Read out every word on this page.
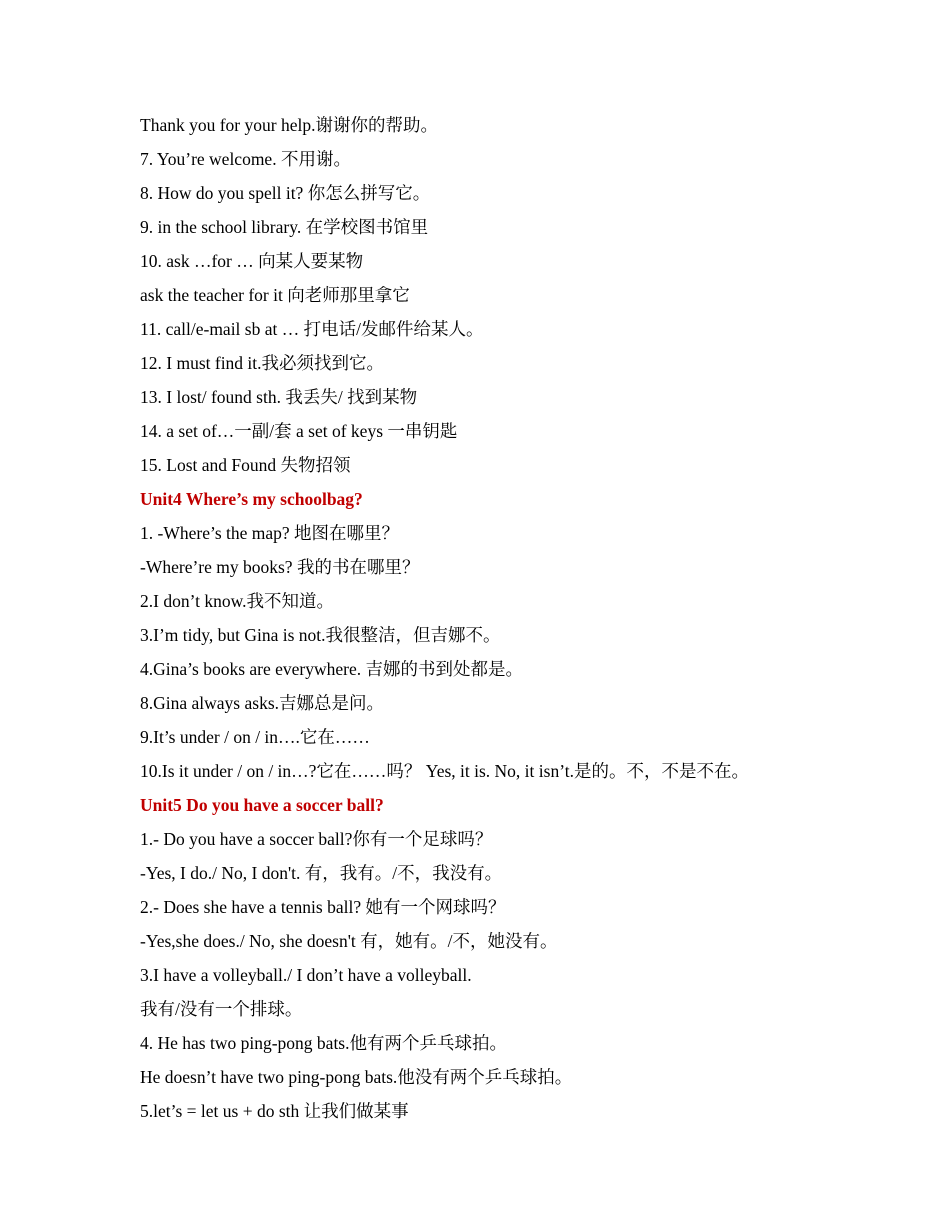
Thank you for your help.谢谢你的帮助。
7. You’re welcome. 不用谢。
8. How do you spell it? 你怎么拼写它。
9. in the school library. 在学校图书馆里
10. ask …for … 向某人要某物
ask the teacher for it 向老师那里拿它
11. call/e-mail sb at … 打电话/发邮件给某人。
12. I must find it.我必须找到它。
13. I lost/ found sth. 我丢失/ 找到某物
14. a set of…一副/套 a set of keys 一串钥匙
15. Lost and Found 失物招领
Unit4 Where’s my schoolbag?
1. -Where’s the map? 地图在哪里？
-Where’re my books? 我的书在哪里？
2.I don’t know.我不知道。
3.I’m tidy, but Gina is not.我很整洁，但吉娜不。
4.Gina’s books are everywhere. 吉娜的书到处都是。
8.Gina always asks.吉娜总是问。
9.It’s under / on / in….它在……
10.Is it under / on / in…?它在……吗？ Yes, it is. No, it isn’t.是的。不，不是不在。
Unit5 Do you have a soccer ball?
1.- Do you have a soccer ball?你有一个足球吗？
-Yes, I do./ No, I don't. 有，我有。/不，我没有。
2.- Does she have a tennis ball? 她有一个网球吗？
-Yes,she does./ No, she doesn't 有，她有。/不，她没有。
3.I have a volleyball./ I don’t have a volleyball.
我有/没有一个排球。
4. He has two ping-pong bats.他有两个乒乓球拍。
He doesn’t have two ping-pong bats.他没有两个乒乓球拍。
5.let’s = let us + do sth 让我们做某事
